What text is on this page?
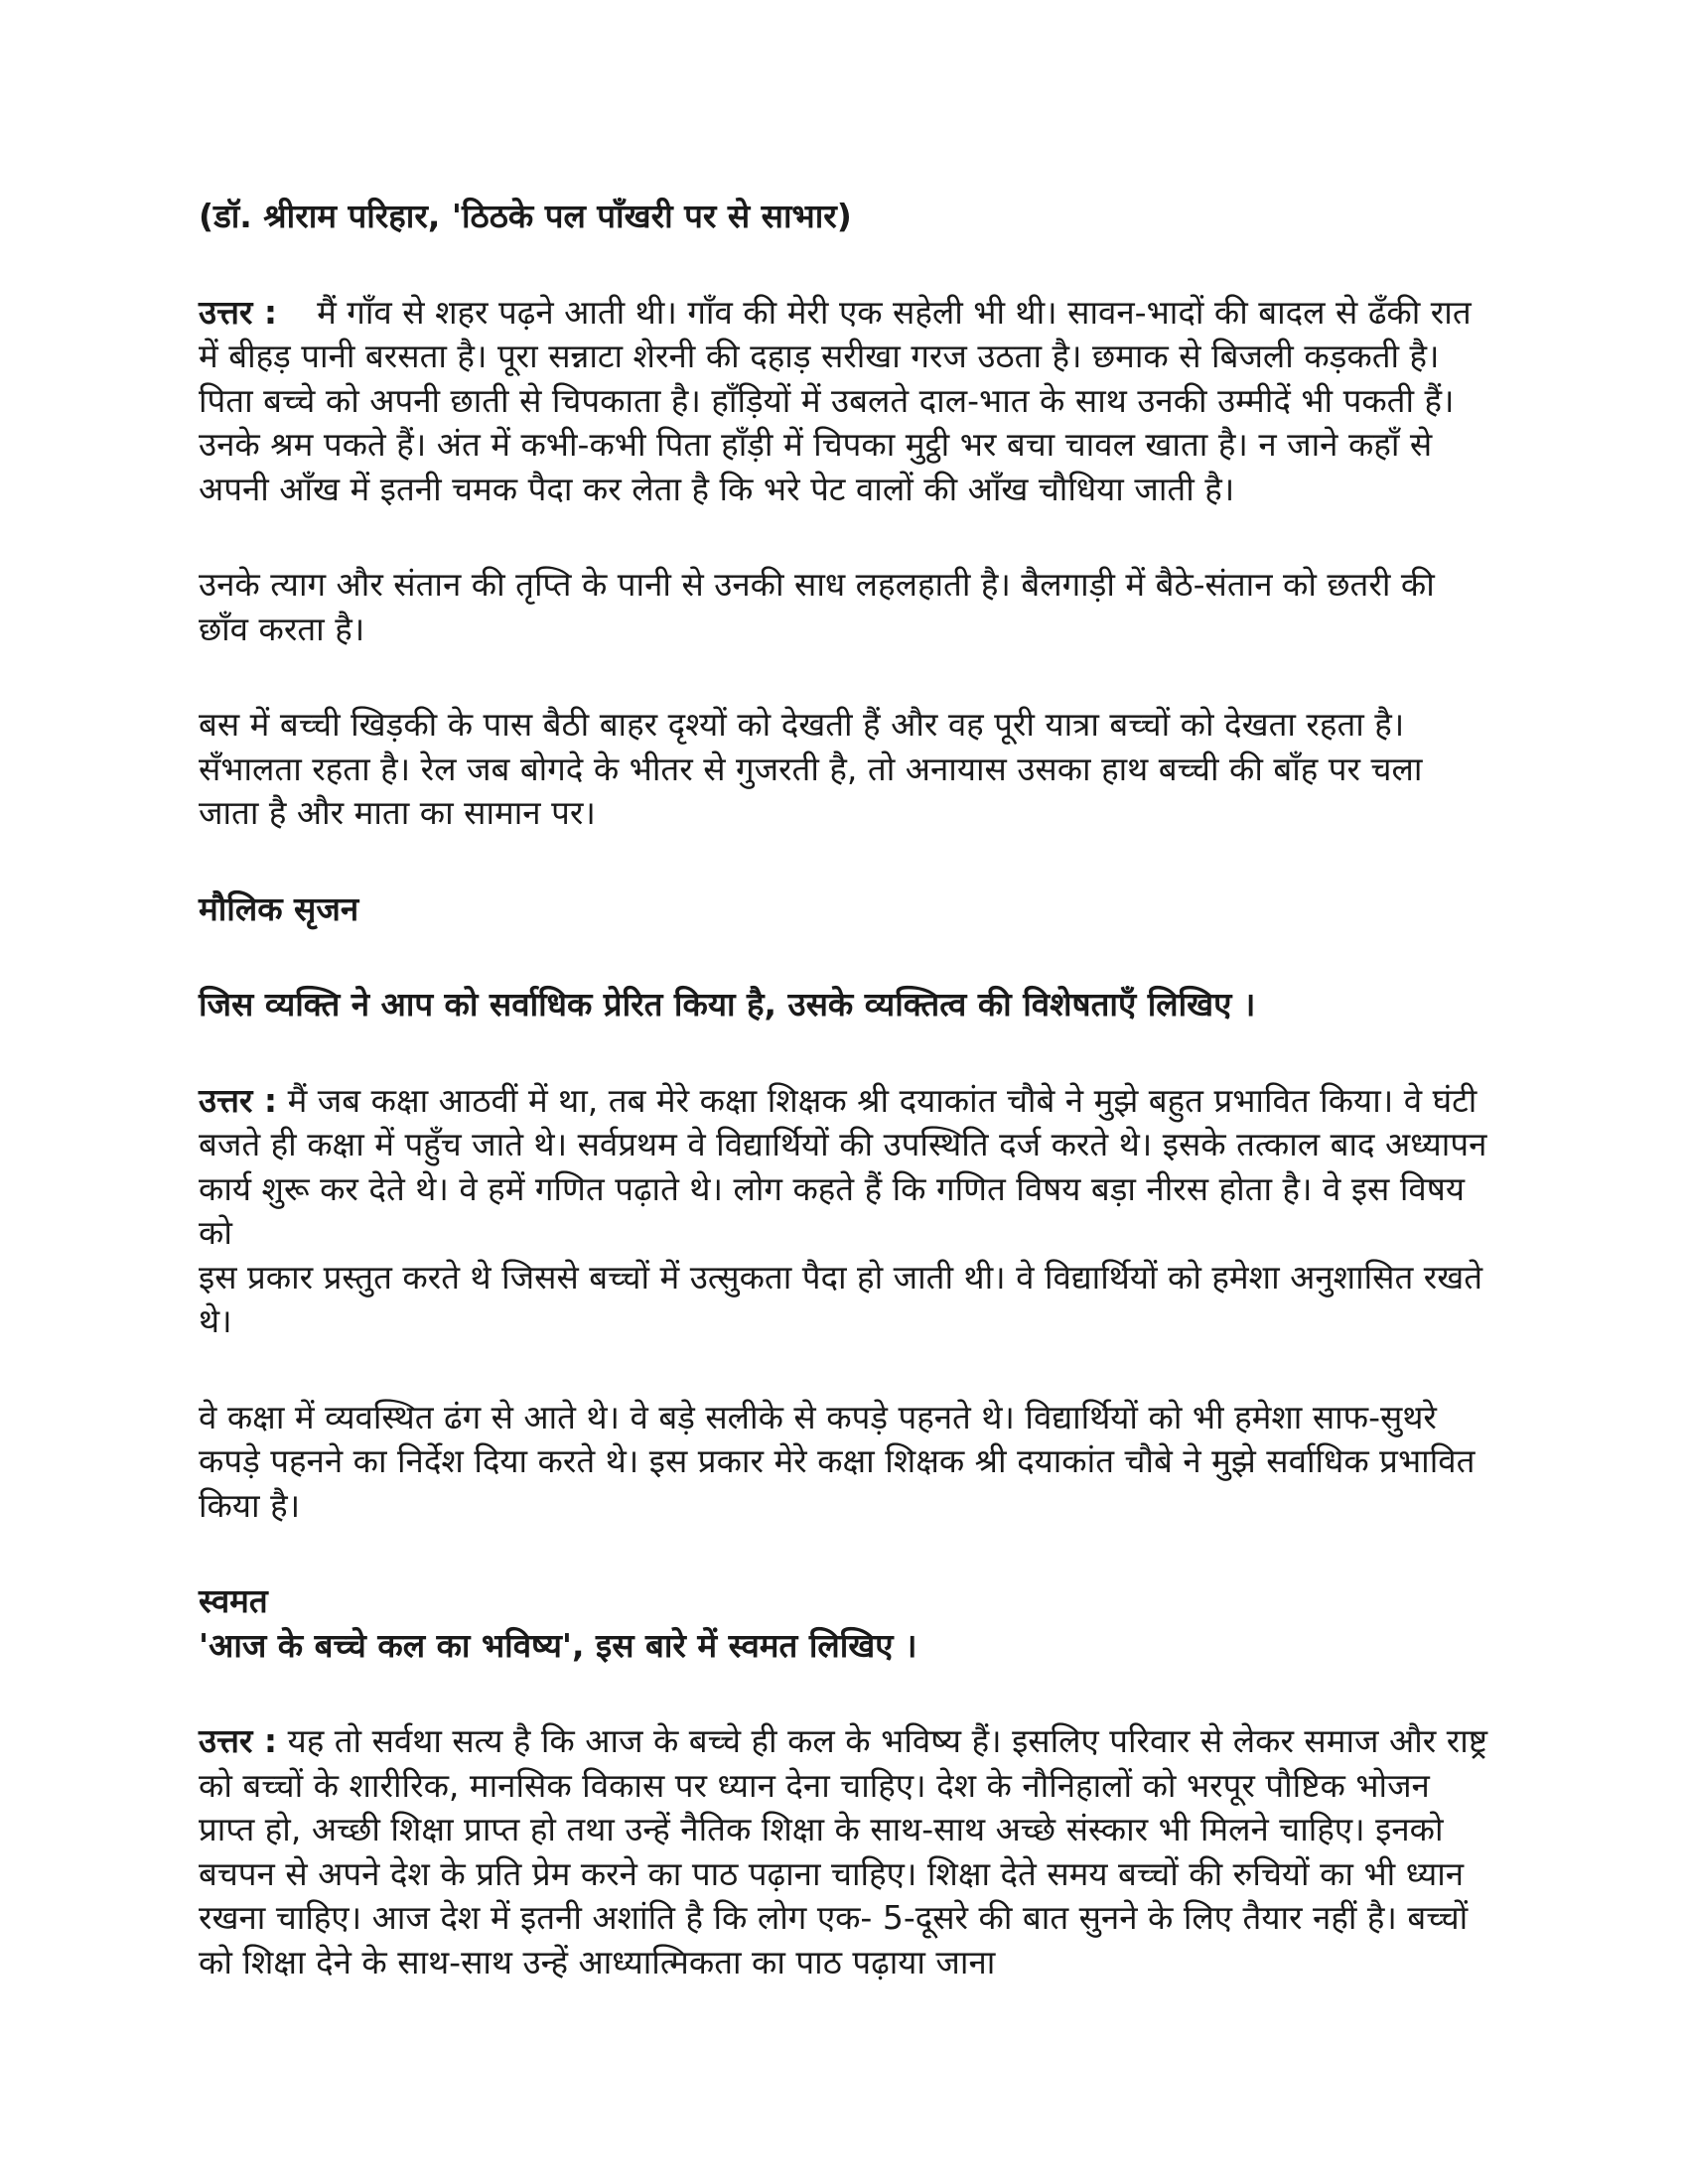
(डॉ. श्रीराम परिहार, 'ठिठके पल पाँखरी पर से साभार)

उत्तर : मैं गाँव से शहर पढ़ने आती थी। गाँव की मेरी एक सहेली भी थी। सावन-भादों की बादल से ढँकी रात में बीहड़ पानी बरसता है। पूरा सन्नाटा शेरनी की दहाड़ सरीखा गरज उठता है। छमाक से बिजली कड़कती है। पिता बच्चे को अपनी छाती से चिपकाता है। हाँड़ियों में उबलते दाल-भात के साथ उनकी उम्मीदें भी पकती हैं। उनके श्रम पकते हैं। अंत में कभी-कभी पिता हाँड़ी में चिपका मुट्ठी भर बचा चावल खाता है। न जाने कहाँ से अपनी आँख में इतनी चमक पैदा कर लेता है कि भरे पेट वालों की आँख चौधिया जाती है।

उनके त्याग और संतान की तृप्ति के पानी से उनकी साध लहलहाती है। बैलगाड़ी में बैठे-संतान को छतरी की छाँव करता है।

बस में बच्ची खिड़की के पास बैठी बाहर दृश्यों को देखती हैं और वह पूरी यात्रा बच्चों को देखता रहता है। सँभालता रहता है। रेल जब बोगदे के भीतर से गुजरती है, तो अनायास उसका हाथ बच्ची की बाँह पर चला जाता है और माता का सामान पर।

मौलिक सृजन

जिस व्यक्ति ने आप को सर्वाधिक प्रेरित किया है, उसके व्यक्तित्व की विशेषताएँ लिखिए ।

उत्तर : मैं जब कक्षा आठवीं में था, तब मेरे कक्षा शिक्षक श्री दयाकांत चौबे ने मुझे बहुत प्रभावित किया। वे घंटी बजते ही कक्षा में पहुँच जाते थे। सर्वप्रथम वे विद्यार्थियों की उपस्थिति दर्ज करते थे। इसके तत्काल बाद अध्यापन कार्य शुरू कर देते थे। वे हमें गणित पढ़ाते थे। लोग कहते हैं कि गणित विषय बड़ा नीरस होता है। वे इस विषय को

इस प्रकार प्रस्तुत करते थे जिससे बच्चों में उत्सुकता पैदा हो जाती थी। वे विद्यार्थियों को हमेशा अनुशासित रखते थे।

वे कक्षा में व्यवस्थित ढंग से आते थे। वे बड़े सलीके से कपड़े पहनते थे। विद्यार्थियों को भी हमेशा साफ-सुथरे कपड़े पहनने का निर्देश दिया करते थे। इस प्रकार मेरे कक्षा शिक्षक श्री दयाकांत चौबे ने मुझे सर्वाधिक प्रभावित किया है।

स्वमत

'आज के बच्चे कल का भविष्य', इस बारे में स्वमत लिखिए ।

उत्तर : यह तो सर्वथा सत्य है कि आज के बच्चे ही कल के भविष्य हैं। इसलिए परिवार से लेकर समाज और राष्ट्र को बच्चों के शारीरिक, मानसिक विकास पर ध्यान देना चाहिए। देश के नौनिहालों को भरपूर पौष्टिक भोजन प्राप्त हो, अच्छी शिक्षा प्राप्त हो तथा उन्हें नैतिक शिक्षा के साथ-साथ अच्छे संस्कार भी मिलने चाहिए। इनको बचपन से अपने देश के प्रति प्रेम करने का पाठ पढ़ाना चाहिए। शिक्षा देते समय बच्चों की रुचियों का भी ध्यान रखना चाहिए। आज देश में इतनी अशांति है कि लोग एक- 5-दूसरे की बात सुनने के लिए तैयार नहीं है। बच्चों को शिक्षा देने के साथ-साथ उन्हें आध्यात्मिकता का पाठ पढ़ाया जाना
